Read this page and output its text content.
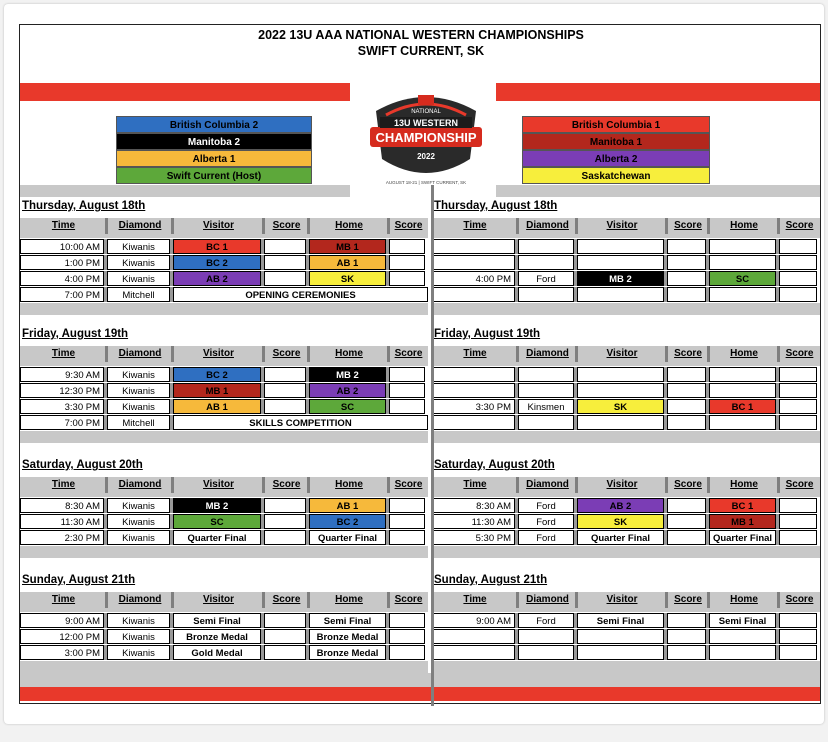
2022 13U AAA NATIONAL WESTERN CHAMPIONSHIPS
SWIFT CURRENT, SK
NATIONAL
13U WESTERN
CHAMPIONSHIP
2022
AUGUST 18-21 | SWIFT CURRENT, SK
British Columbia 2
Manitoba 2
Alberta 1
Swift Current (Host)
British Columbia 1
Manitoba 1
Alberta 2
Saskatchewan
Thursday, August 18th
Time	Diamond	Visitor	Score	Home	Score
10:00 AM	Kiwanis	BC 1	MB 1
1:00 PM	Kiwanis	BC 2	AB 1
4:00 PM	Kiwanis	AB 2	SK
7:00 PM	Mitchell	OPENING CEREMONIES
Thursday, August 18th
Time	Diamond	Visitor	Score	Home	Score
4:00 PM	Ford	MB 2	SC
Friday, August 19th
Time	Diamond	Visitor	Score	Home	Score
9:30 AM	Kiwanis	BC 2	MB 2
12:30 PM	Kiwanis	MB 1	AB 2
3:30 PM	Kiwanis	AB 1	SC
7:00 PM	Mitchell	SKILLS COMPETITION
Friday, August 19th
Time	Diamond	Visitor	Score	Home	Score
3:30 PM	Kinsmen	SK	BC 1
Saturday, August 20th
Time	Diamond	Visitor	Score	Home	Score
8:30 AM	Kiwanis	MB 2	AB 1
11:30 AM	Kiwanis	SC	BC 2
2:30 PM	Kiwanis	Quarter Final	Quarter Final
Saturday, August 20th
Time	Diamond	Visitor	Score	Home	Score
8:30 AM	Ford	AB 2	BC 1
11:30 AM	Ford	SK	MB 1
5:30 PM	Ford	Quarter Final	Quarter Final
Sunday, August 21th
Time	Diamond	Visitor	Score	Home	Score
9:00 AM	Kiwanis	Semi Final	Semi Final
12:00 PM	Kiwanis	Bronze Medal	Bronze Medal
3:00 PM	Kiwanis	Gold Medal	Bronze Medal
Sunday, August 21th
Time	Diamond	Visitor	Score	Home	Score
9:00 AM	Ford	Semi Final	Semi Final
